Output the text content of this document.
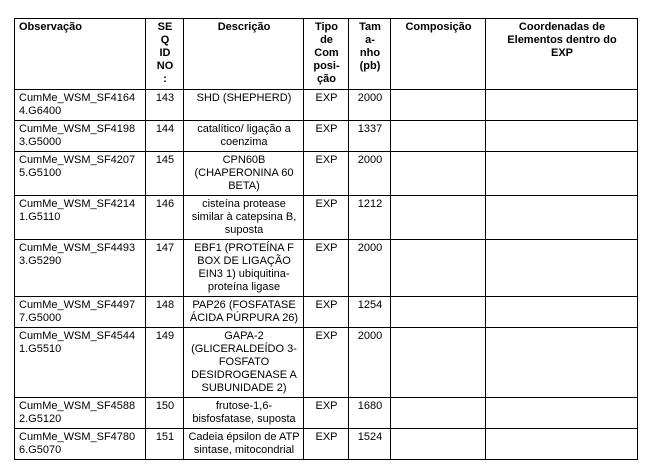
Observação	SE
Q
ID
NO
:	Descrição	Tipo
de
Com
posi-
ção	Tam
a-
nho
(pb)	Composição	Coordenadas de
Elementos dentro do
EXP
CumMe_WSM_SF4164
4.G6400	143	SHD (SHEPHERD)	EXP	2000		
CumMe_WSM_SF4198
3.G5000	144	catalítico/ ligação a
coenzima	EXP	1337		
CumMe_WSM_SF4207
5.G5100	145	CPN60B
(CHAPERONINA 60
BETA)	EXP	2000		
CumMe_WSM_SF4214
1.G5110	146	cisteína protease
similar à catepsina B,
suposta	EXP	1212		
CumMe_WSM_SF4493
3.G5290	147	EBF1 (PROTEÍNA F
BOX DE LIGAÇÃO
EIN3 1) ubiquitina-
proteína ligase	EXP	2000		
CumMe_WSM_SF4497
7.G5000	148	PAP26 (FOSFATASE
ÁCIDA PÚRPURA 26)	EXP	1254		
CumMe_WSM_SF4544
1.G5510	149	GAPA-2
(GLICERALDEÍDO 3-
FOSFATO
DESIDROGENASE A
SUBUNIDADE 2)	EXP	2000		
CumMe_WSM_SF4588
2.G5120	150	frutose-1,6-
bisfosfatase, suposta	EXP	1680		
CumMe_WSM_SF4780
6.G5070	151	Cadeia épsilon de ATP
sintase, mitocondrial	EXP	1524		
